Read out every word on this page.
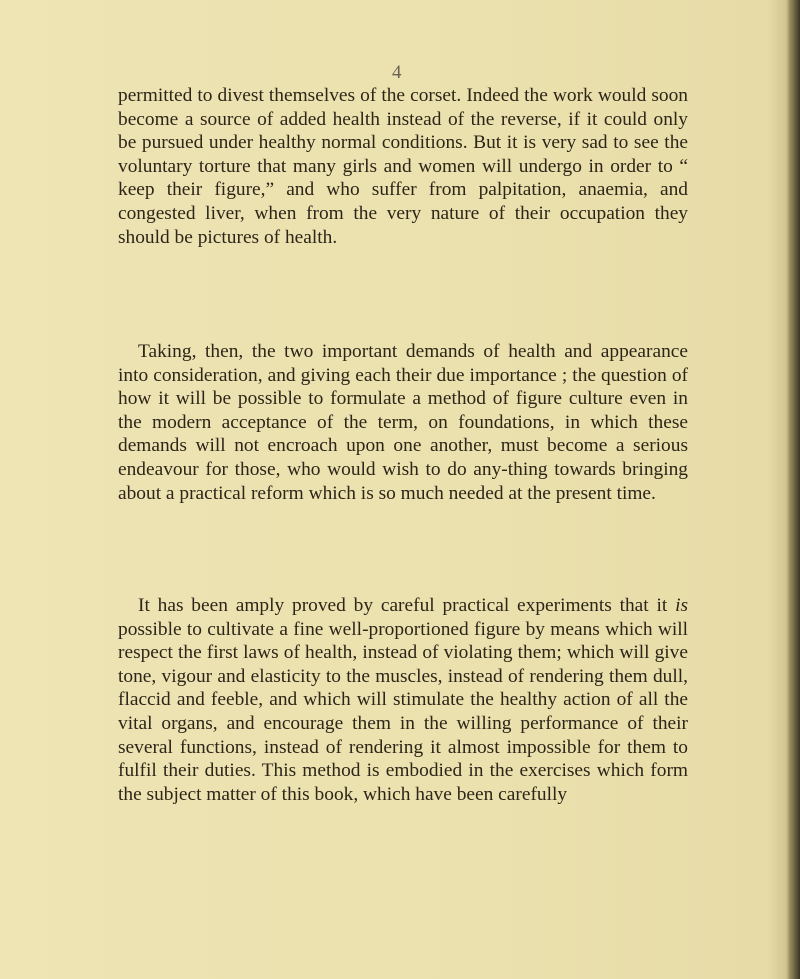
4

permitted to divest themselves of the corset. Indeed the work would soon become a source of added health instead of the reverse, if it could only be pursued under healthy normal conditions. But it is very sad to see the voluntary torture that many girls and women will undergo in order to “ keep their figure,” and who suffer from palpitation, anaemia, and congested liver, when from the very nature of their occupation they should be pictures of health.

Taking, then, the two important demands of health and appearance into consideration, and giving each their due importance ; the question of how it will be possible to formulate a method of figure culture even in the modern acceptance of the term, on foundations, in which these demands will not encroach upon one another, must become a serious endeavour for those, who would wish to do any-thing towards bringing about a practical reform which is so much needed at the present time.

It has been amply proved by careful practical experiments that it is possible to cultivate a fine well-proportioned figure by means which will respect the first laws of health, instead of violating them; which will give tone, vigour and elasticity to the muscles, instead of rendering them dull, flaccid and feeble, and which will stimulate the healthy action of all the vital organs, and encourage them in the willing performance of their several functions, instead of rendering it almost impossible for them to fulfil their duties. This method is embodied in the exercises which form the subject matter of this book, which have been carefully
